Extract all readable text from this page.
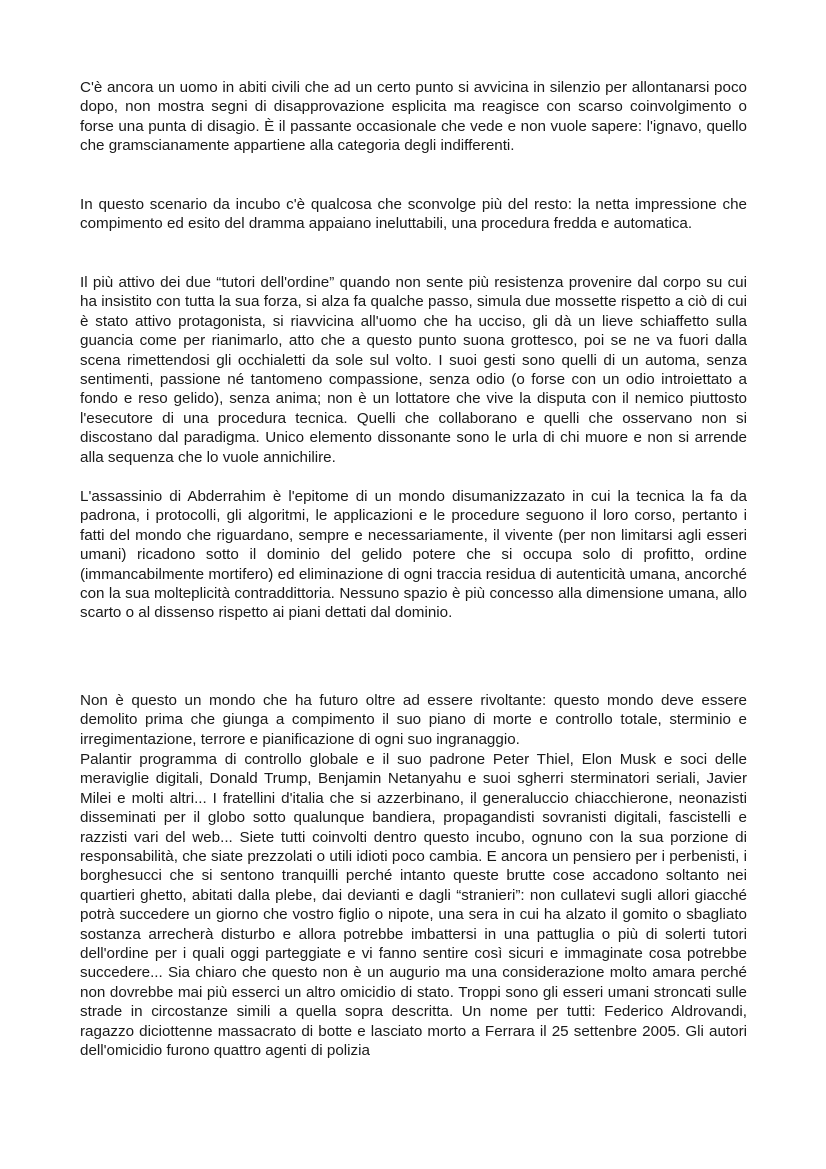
C'è ancora un uomo in abiti civili che ad un certo punto si avvicina in silenzio per allontanarsi poco dopo, non mostra segni di disapprovazione esplicita ma reagisce con scarso coinvolgimento o forse una punta di disagio. È il passante occasionale che vede e non vuole sapere: l'ignavo, quello che gramscianamente appartiene alla categoria degli indifferenti.

In questo scenario da incubo c'è qualcosa che sconvolge più del resto: la netta impressione che compimento ed esito del dramma appaiano ineluttabili, una procedura fredda e automatica.

Il più attivo dei due “tutori dell'ordine” quando non sente più resistenza provenire dal corpo su cui ha insistito con tutta la sua forza, si alza fa qualche passo, simula due mossette rispetto a ciò di cui è stato attivo protagonista, si riavvicina all'uomo che ha ucciso, gli dà un lieve schiaffetto sulla guancia come per rianimarlo, atto che a questo punto suona grottesco, poi se ne va fuori dalla scena rimettendosi gli occhialetti da sole sul volto. I suoi gesti sono quelli di un automa, senza sentimenti, passione né tantomeno compassione, senza odio (o forse con un odio introiettato a fondo e reso gelido), senza anima; non è un lottatore che vive la disputa con il nemico piuttosto l'esecutore di una procedura tecnica. Quelli che collaborano e quelli che osservano non si discostano dal paradigma. Unico elemento dissonante sono le urla di chi muore e non si arrende alla sequenza che lo vuole annichilire.

L'assassinio di Abderrahim è l'epitome di un mondo disumanizzazato in cui la tecnica la fa da padrona, i protocolli, gli algoritmi, le applicazioni e le procedure seguono il loro corso, pertanto i fatti del mondo che riguardano, sempre e necessariamente, il vivente (per non limitarsi agli esseri umani) ricadono sotto il dominio del gelido potere che si occupa solo di profitto, ordine (immancabilmente mortifero) ed eliminazione di ogni traccia residua di autenticità umana, ancorché con la sua molteplicità contraddittoria. Nessuno spazio è più concesso alla dimensione umana, allo scarto o al dissenso rispetto ai piani dettati dal dominio.

Non è questo un mondo che ha futuro oltre ad essere rivoltante: questo mondo deve essere demolito prima che giunga a compimento il suo piano di morte e controllo totale, sterminio e irregimentazione, terrore e pianificazione di ogni suo ingranaggio.

Palantir programma di controllo globale e il suo padrone Peter Thiel, Elon Musk e soci delle meraviglie digitali, Donald Trump, Benjamin Netanyahu e suoi sgherri sterminatori seriali, Javier Milei e molti altri... I fratellini d'italia che si azzerbinano, il generaluccio chiacchierone, neonazisti disseminati per il globo sotto qualunque bandiera, propagandisti sovranisti digitali, fascistelli e razzisti vari del web... Siete tutti coinvolti dentro questo incubo, ognuno con la sua porzione di responsabilità, che siate prezzolati o utili idioti poco cambia. E ancora un pensiero per i perbenisti, i borghesucci che si sentono tranquilli perché intanto queste brutte cose accadono soltanto nei quartieri ghetto, abitati dalla plebe, dai devianti e dagli “stranieri”: non cullatevi sugli allori giacché potrà succedere un giorno che vostro figlio o nipote, una sera in cui ha alzato il gomito o sbagliato sostanza arrecherà disturbo e allora potrebbe imbattersi in una pattuglia o più di solerti tutori dell'ordine per i quali oggi parteggiate e vi fanno sentire così sicuri e immaginate cosa potrebbe succedere... Sia chiaro che questo non è un augurio ma una considerazione molto amara perché non dovrebbe mai più esserci un altro omicidio di stato. Troppi sono gli esseri umani stroncati sulle strade in circostanze simili a quella sopra descritta. Un nome per tutti: Federico Aldrovandi, ragazzo diciottenne massacrato di botte e lasciato morto a Ferrara il 25 settenbre 2005. Gli autori dell'omicidio furono quattro agenti di polizia
